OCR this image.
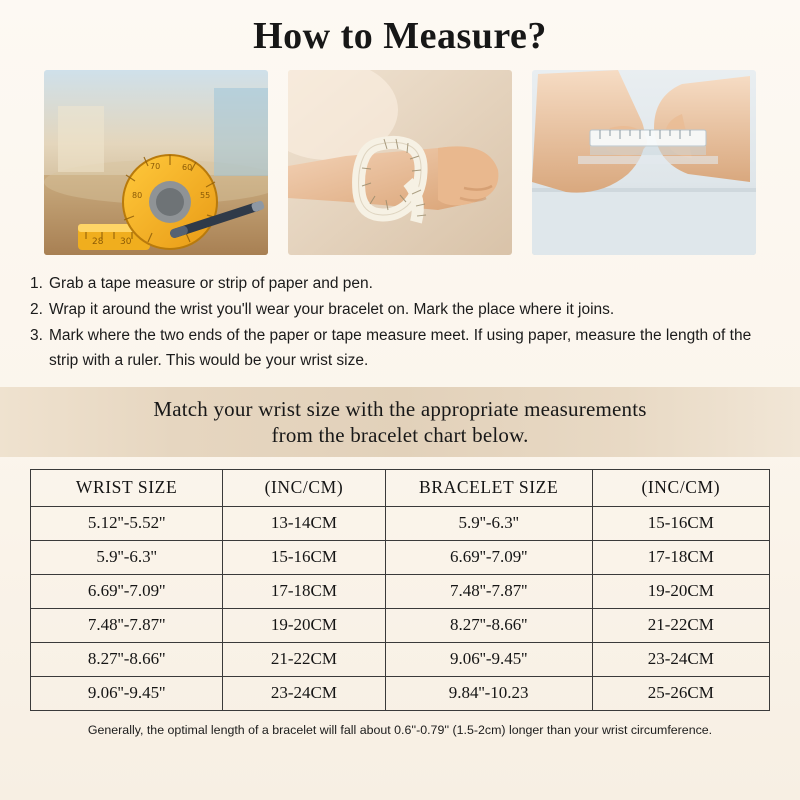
How to Measure?
28 30
60
55
70
80
1. Grab a tape measure or strip of paper and pen.
2. Wrap it around the wrist you'll wear your bracelet on. Mark the place where it joins.
3. Mark where the two ends of the paper or tape measure meet. If using paper, measure the length of the strip with a ruler. This would be your wrist size.
Match your wrist size with the appropriate measurements
from the bracelet chart below.
WRIST SIZE	(INC/CM)	BRACELET SIZE	(INC/CM)
5.12''-5.52''	13-14CM	5.9''-6.3''	15-16CM
5.9''-6.3''	15-16CM	6.69''-7.09''	17-18CM
6.69''-7.09''	17-18CM	7.48''-7.87''	19-20CM
7.48''-7.87''	19-20CM	8.27''-8.66''	21-22CM
8.27''-8.66''	21-22CM	9.06''-9.45''	23-24CM
9.06''-9.45''	23-24CM	9.84''-10.23	25-26CM
Generally, the optimal length of a bracelet will fall about 0.6''-0.79'' (1.5-2cm) longer than your wrist circumference.
